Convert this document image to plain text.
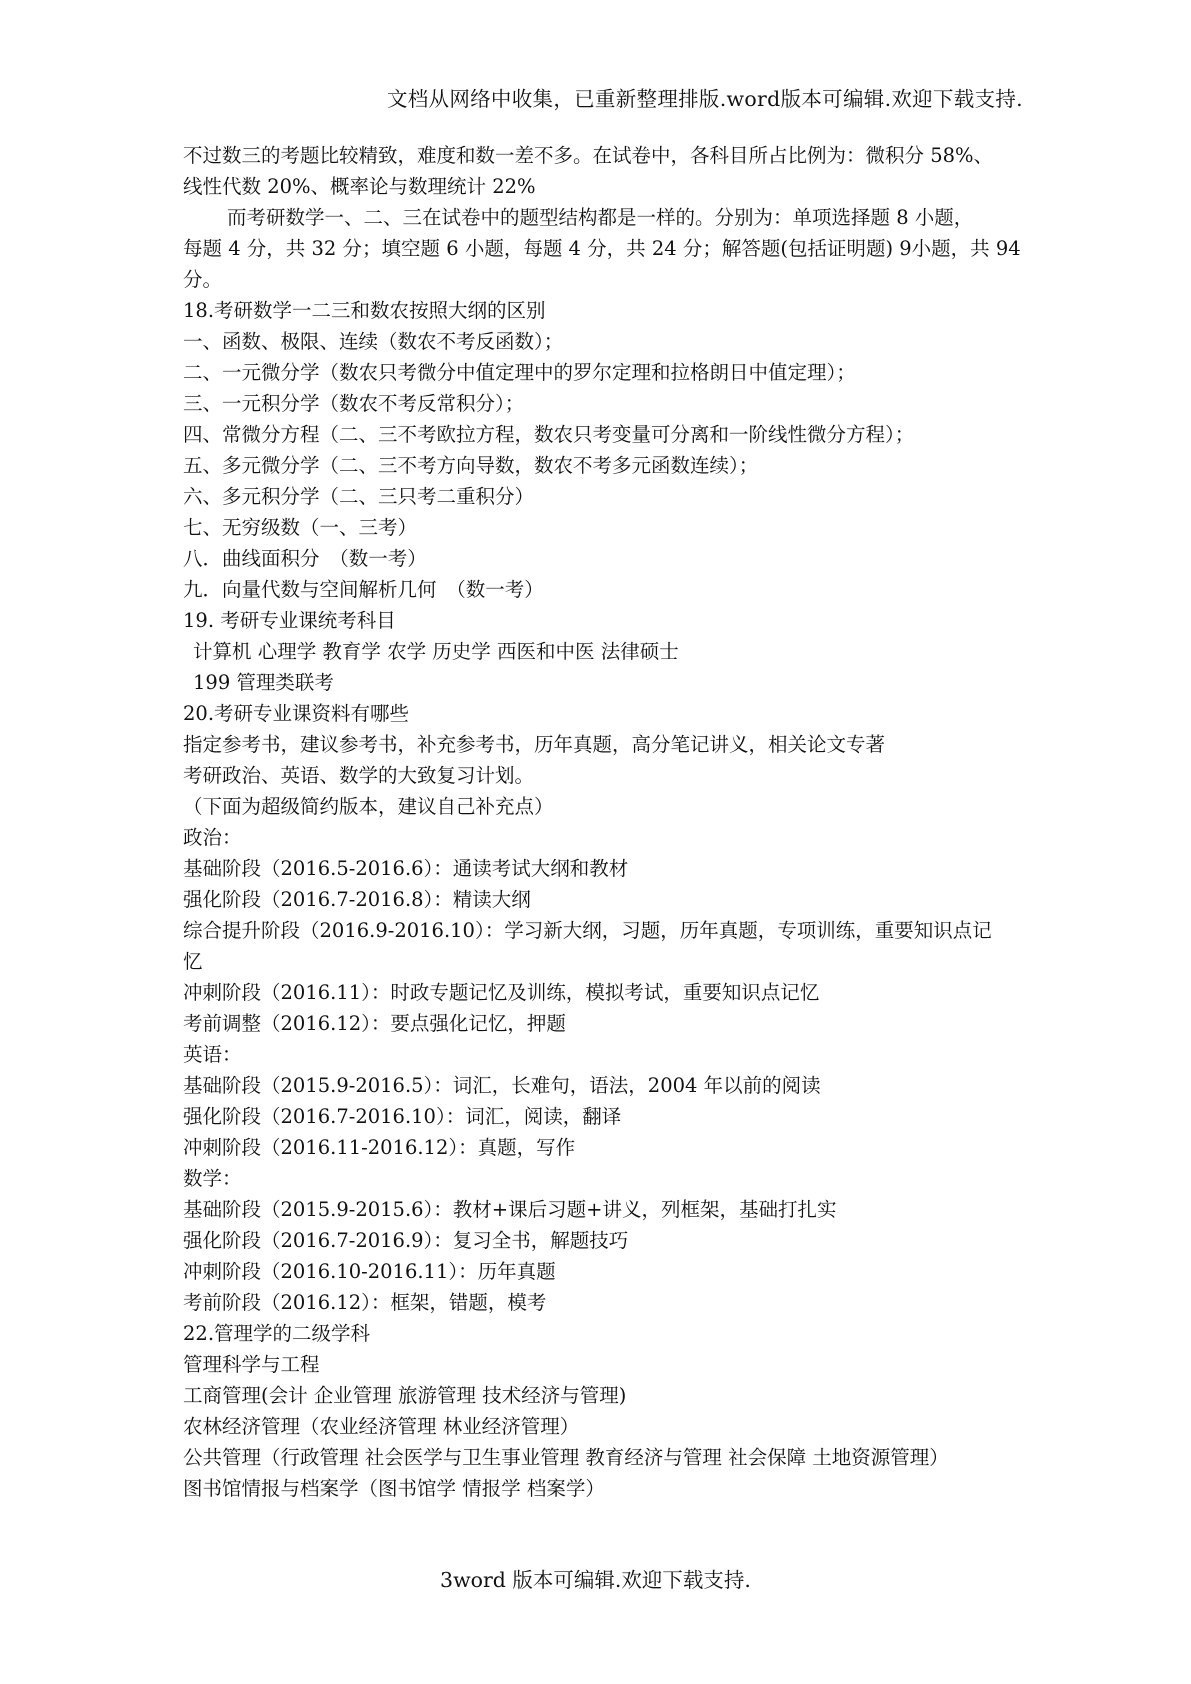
文档从网络中收集，已重新整理排版.word版本可编辑.欢迎下载支持.
不过数三的考题比较精致，难度和数一差不多。在试卷中，各科目所占比例为：微积分 58%、
线性代数 20%、概率论与数理统计 22%
而考研数学一、二、三在试卷中的题型结构都是一样的。分别为：单项选择题 8 小题，
每题 4 分，共 32 分；填空题 6 小题，每题 4 分，共 24 分；解答题(包括证明题) 9小题，共 94
分。
18.考研数学一二三和数农按照大纲的区别
一、函数、极限、连续（数农不考反函数）；
二、一元微分学（数农只考微分中值定理中的罗尔定理和拉格朗日中值定理）；
三、一元积分学（数农不考反常积分）；
四、常微分方程（二、三不考欧拉方程，数农只考变量可分离和一阶线性微分方程）；
五、多元微分学（二、三不考方向导数，数农不考多元函数连续）；
六、多元积分学（二、三只考二重积分）
七、无穷级数（一、三考）
八．曲线面积分　（数一考）
九．向量代数与空间解析几何　（数一考）
19. 考研专业课统考科目
计算机 心理学 教育学 农学 历史学 西医和中医 法律硕士
199 管理类联考
20.考研专业课资料有哪些
指定参考书，建议参考书，补充参考书，历年真题，高分笔记讲义，相关论文专著
考研政治、英语、数学的大致复习计划。
（下面为超级简约版本，建议自己补充点）
政治：
基础阶段（2016.5-2016.6）：通读考试大纲和教材
强化阶段（2016.7-2016.8）：精读大纲
综合提升阶段（2016.9-2016.10）：学习新大纲，习题，历年真题，专项训练，重要知识点记
忆
冲刺阶段（2016.11）：时政专题记忆及训练，模拟考试，重要知识点记忆
考前调整（2016.12）：要点强化记忆，押题
英语：
基础阶段（2015.9-2016.5）：词汇，长难句，语法，2004 年以前的阅读
强化阶段（2016.7-2016.10）：词汇，阅读，翻译
冲刺阶段（2016.11-2016.12）：真题，写作
数学：
基础阶段（2015.9-2015.6）：教材+课后习题+讲义，列框架，基础打扎实
强化阶段（2016.7-2016.9）：复习全书，解题技巧
冲刺阶段（2016.10-2016.11）：历年真题
考前阶段（2016.12）：框架，错题，模考
22.管理学的二级学科
管理科学与工程
工商管理(会计 企业管理 旅游管理 技术经济与管理)
农林经济管理（农业经济管理 林业经济管理）
公共管理（行政管理 社会医学与卫生事业管理 教育经济与管理 社会保障 土地资源管理）
图书馆情报与档案学（图书馆学 情报学 档案学）
3word 版本可编辑.欢迎下载支持.
